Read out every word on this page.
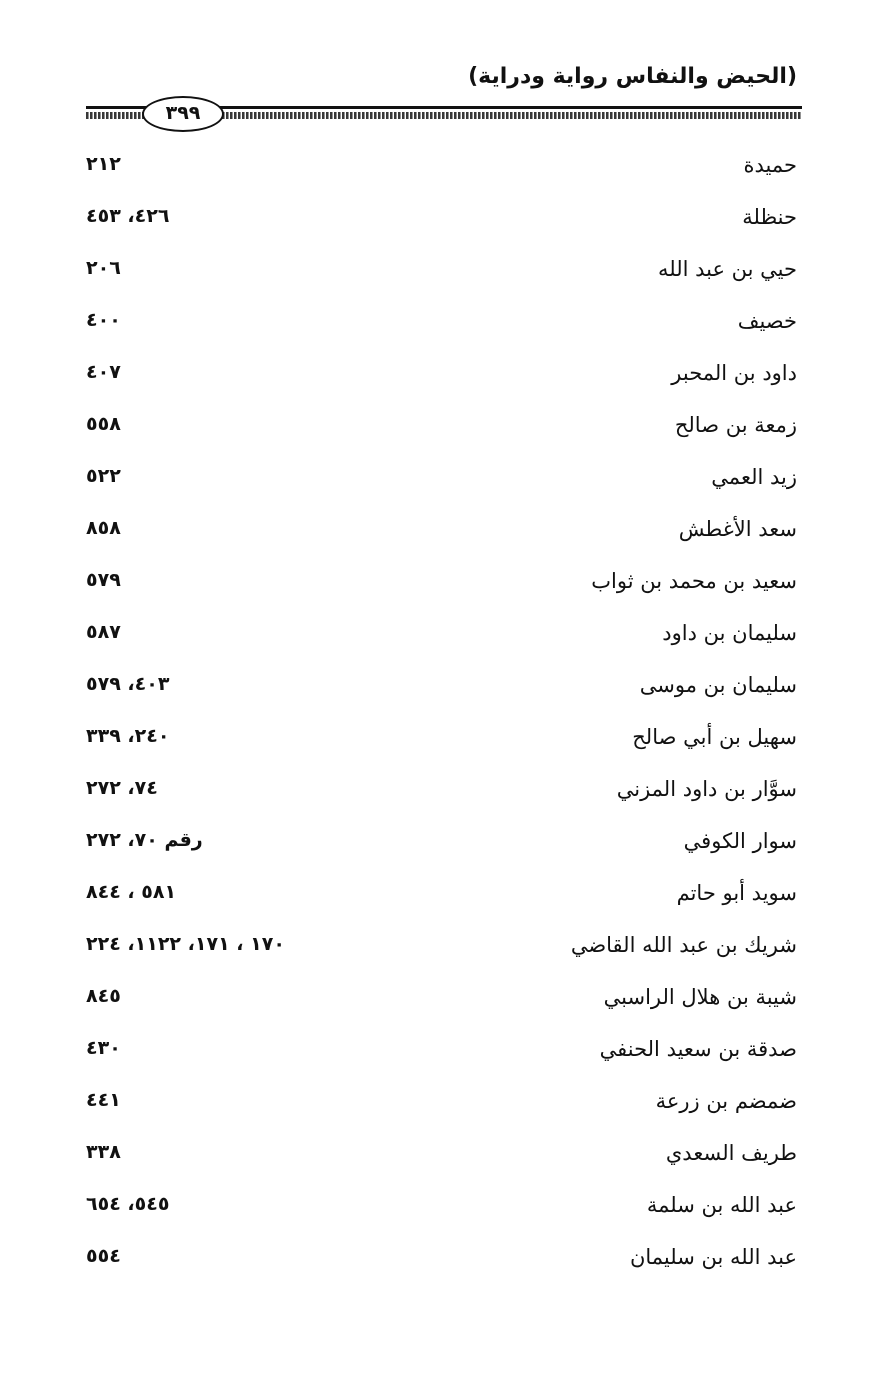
(الحيض والنفاس رواية ودراية)
٣٩٩
حميدة
٢١٢
حنظلة
٤٢٦، ٤٥٣
حيي بن عبد الله
٢٠٦
خصيف
٤٠٠
داود بن المحبر
٤٠٧
زمعة بن صالح
٥٥٨
زيد العمي
٥٢٢
سعد الأغطش
٨٥٨
سعيد بن محمد بن ثواب
٥٧٩
سليمان بن داود
٥٨٧
سليمان بن موسى
٤٠٣، ٥٧٩
سهيل بن أبي صالح
٢٤٠، ٣٣٩
سوَّار بن داود المزني
٧٤، ٢٧٢
سوار الكوفي
رقم ٧٠، ٢٧٢
سويد أبو حاتم
٥٨١ ، ٨٤٤
شريك بن عبد الله القاضي
١٧٠ ، ١٧١، ١١٢٢، ٢٢٤
شيبة بن هلال الراسبي
٨٤٥
صدقة بن سعيد الحنفي
٤٣٠
ضمضم بن زرعة
٤٤١
طريف السعدي
٣٣٨
عبد الله بن سلمة
٥٤٥، ٦٥٤
عبد الله بن سليمان
٥٥٤
